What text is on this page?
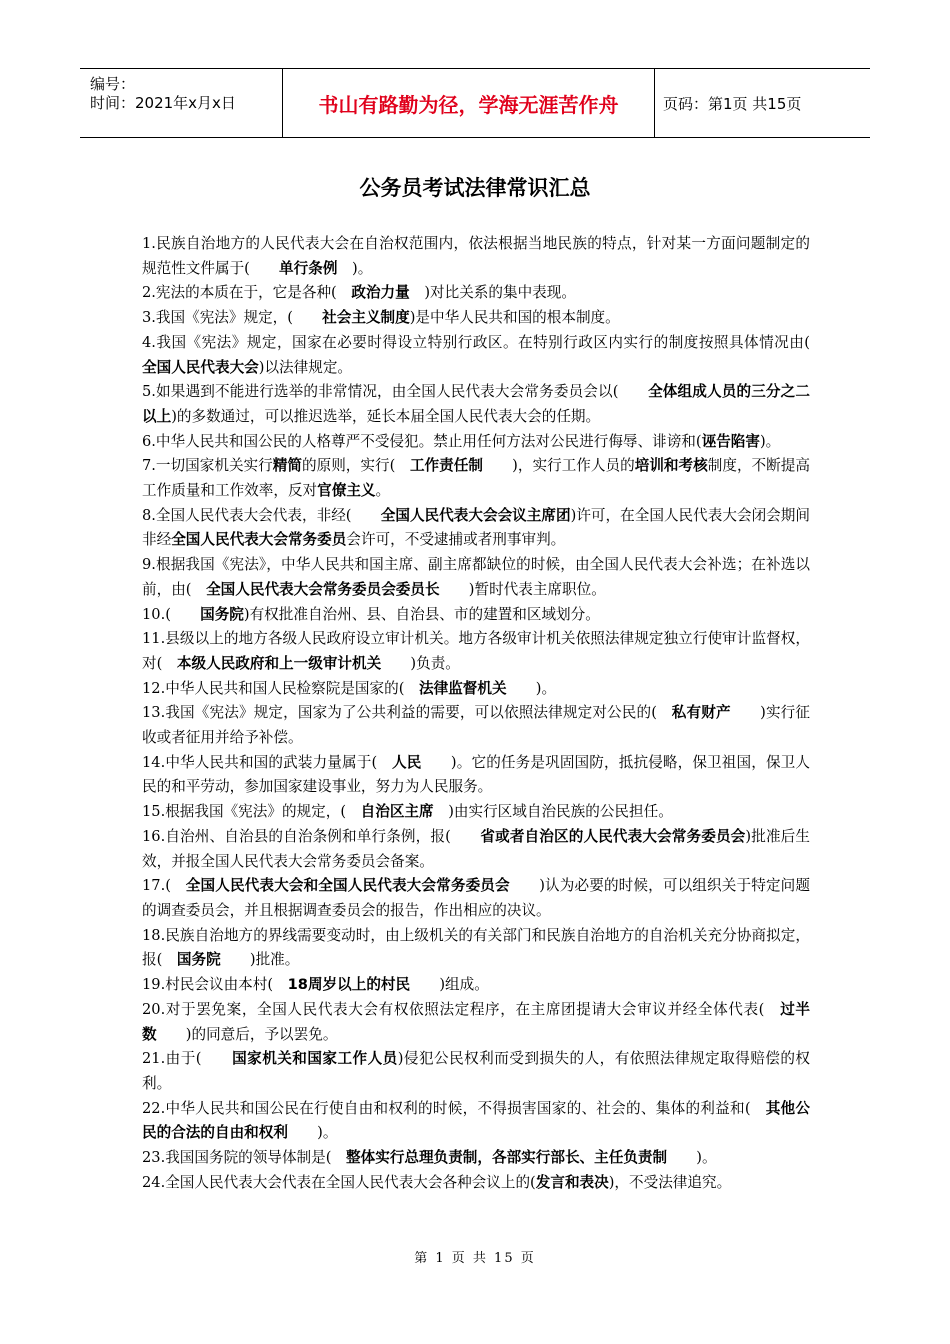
编号：
时间：2021年x月x日	书山有路勤为径，学海无涯苦作舟	页码：第1页 共15页
公务员考试法律常识汇总
1.民族自治地方的人民代表大会在自治权范围内，依法根据当地民族的特点，针对某一方面问题制定的规范性文件属于(　　单行条例　)。
2.宪法的本质在于，它是各种(　政治力量　)对比关系的集中表现。
3.我国《宪法》规定，(　　社会主义制度)是中华人民共和国的根本制度。
4.我国《宪法》规定，国家在必要时得设立特别行政区。在特别行政区内实行的制度按照具体情况由(　　全国人民代表大会)以法律规定。
5.如果遇到不能进行选举的非常情况，由全国人民代表大会常务委员会以(　　全体组成人员的三分之二以上)的多数通过，可以推迟选举，延长本届全国人民代表大会的任期。
6.中华人民共和国公民的人格尊严不受侵犯。禁止用任何方法对公民进行侮辱、诽谤和(诬告陷害)。
7.一切国家机关实行精简的原则，实行(　工作责任制　　)，实行工作人员的培训和考核制度，不断提高工作质量和工作效率，反对官僚主义。
8.全国人民代表大会代表，非经(　　全国人民代表大会会议主席团)许可，在全国人民代表大会闭会期间非经全国人民代表大会常务委员会许可，不受逮捕或者刑事审判。
9.根据我国《宪法》，中华人民共和国主席、副主席都缺位的时候，由全国人民代表大会补选；在补选以前，由(　全国人民代表大会常务委员会委员长　　)暂时代表主席职位。
10.(　　国务院)有权批准自治州、县、自治县、市的建置和区域划分。
11.县级以上的地方各级人民政府设立审计机关。地方各级审计机关依照法律规定独立行使审计监督权，对(　本级人民政府和上一级审计机关　　)负责。
12.中华人民共和国人民检察院是国家的(　法律监督机关　　)。
13.我国《宪法》规定，国家为了公共利益的需要，可以依照法律规定对公民的(　私有财产　　)实行征收或者征用并给予补偿。
14.中华人民共和国的武装力量属于(　人民　　)。它的任务是巩固国防，抵抗侵略，保卫祖国，保卫人民的和平劳动，参加国家建设事业，努力为人民服务。
15.根据我国《宪法》的规定，(　自治区主席　)由实行区域自治民族的公民担任。
16.自治州、自治县的自治条例和单行条例，报(　　省或者自治区的人民代表大会常务委员会)批准后生效，并报全国人民代表大会常务委员会备案。
17.(　全国人民代表大会和全国人民代表大会常务委员会　　)认为必要的时候，可以组织关于特定问题的调查委员会，并且根据调查委员会的报告，作出相应的决议。
18.民族自治地方的界线需要变动时，由上级机关的有关部门和民族自治地方的自治机关充分协商拟定，报(　国务院　　)批准。
19.村民会议由本村(　18周岁以上的村民　　)组成。
20.对于罢免案，全国人民代表大会有权依照法定程序，在主席团提请大会审议并经全体代表(　过半数　　)的同意后，予以罢免。
21.由于(　　国家机关和国家工作人员)侵犯公民权利而受到损失的人，有依照法律规定取得赔偿的权利。
22.中华人民共和国公民在行使自由和权利的时候，不得损害国家的、社会的、集体的利益和(　其他公民的合法的自由和权利　　)。
23.我国国务院的领导体制是(　整体实行总理负责制，各部实行部长、主任负责制　　)。
24.全国人民代表大会代表在全国人民代表大会各种会议上的(发言和表决)，不受法律追究。
第 1 页 共 15 页
